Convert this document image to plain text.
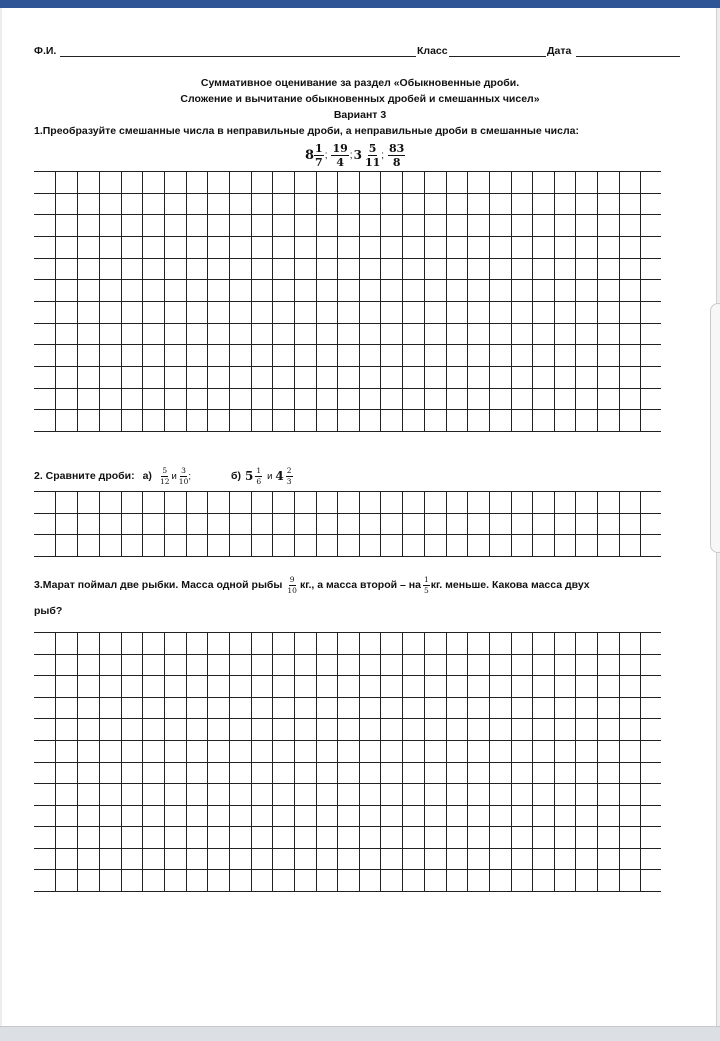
Ф.И.	Класс	Дата
Суммативное оценивание за раздел «Обыкновенные дроби.
Сложение и вычитание обыкновенных дробей и смешанных чисел»
Вариант 3
1.Преобразуйте смешанные числа в неправильные дроби, а неправильные дроби в смешанные числа:
$8 \frac{1}{7}$ ; $\frac{19}{4}$ ; $3 \frac{5}{11}$ ; $\frac{83}{8}$
2. Сравните дроби: $а) \frac{5}{12}$ и $\frac{3}{10}$ ;	б) $5 \frac{1}{6}$ и $4 \frac{2}{3}$
3.Марат поймал две рыбки. Масса одной рыбы $\frac{9}{10}$ кг., а масса второй – на $\frac{1}{5}$ кг. меньше. Какова масса двух
рыб?
